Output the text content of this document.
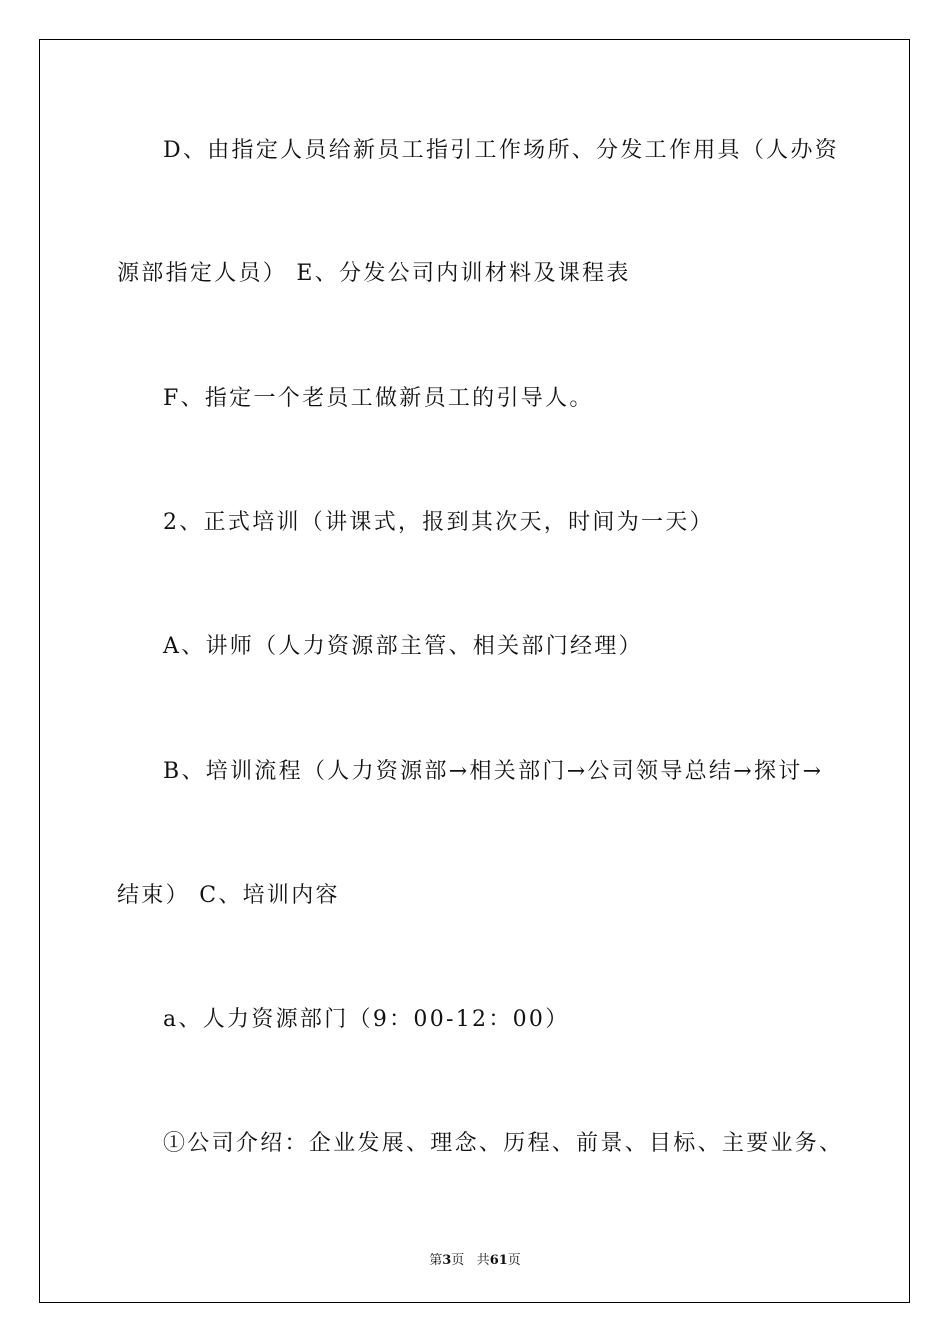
D、由指定人员给新员工指引工作场所、分发工作用具（人办资
源部指定人员） E、分发公司内训材料及课程表
F、指定一个老员工做新员工的引导人。
2、正式培训（讲课式，报到其次天，时间为一天）
A、讲师（人力资源部主管、相关部门经理）
B、培训流程（人力资源部→相关部门→公司领导总结→探讨→
结束） C、培训内容
a、人力资源部门（9：00-12：00）
①公司介绍：企业发展、理念、历程、前景、目标、主要业务、
第3页 共61页
